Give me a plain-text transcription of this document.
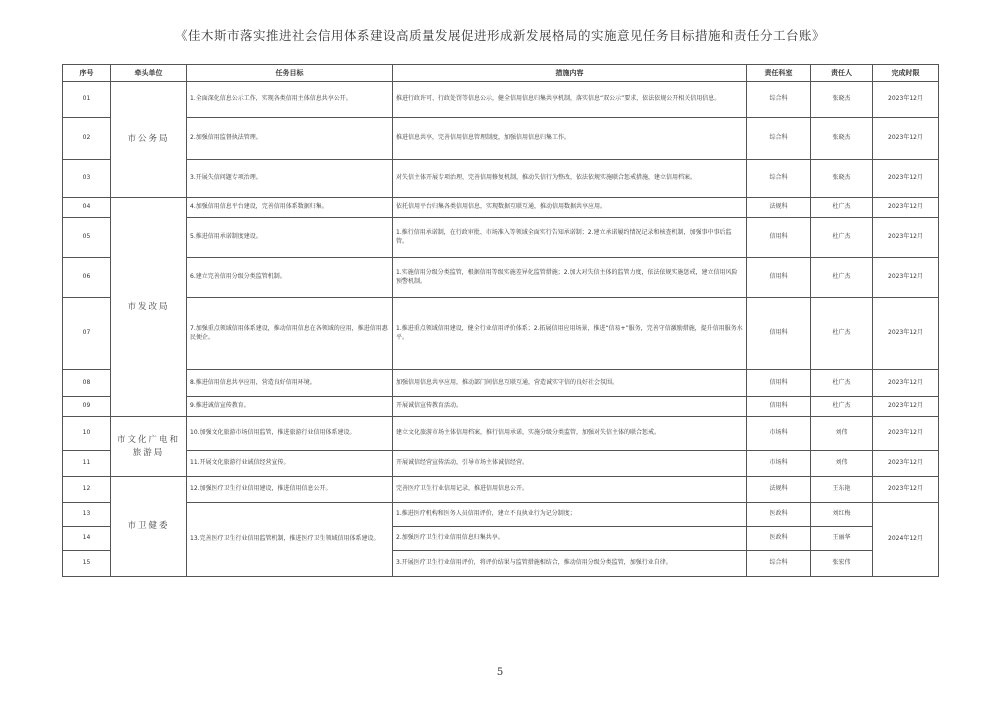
《佳木斯市落实推进社会信用体系建设高质量发展促进形成新发展格局的实施意见任务目标措施和责任分工台账》
序号	牵头单位	任务目标	措施内容	责任科室	责任人	完成时限
01	市公务局	1.全面深化信息公示工作，实现各类信用主体信息共享公开。	推进行政许可、行政处罚等信息公示，健全信用信息归集共享机制，落实信息“双公示”要求，依法依规公开相关信用信息。	综合科	张晓杰	2023年12月
02		2.加强信用监督执法管理。	推进信息共享，完善信用信息管理制度，加强信用信息归集工作。	综合科	张晓杰	2023年12月
03		3.开展失信问题专项治理。	对失信主体开展专项治理，完善信用修复机制，推动失信行为整改，依法依规实施联合惩戒措施，建立信用档案。	综合科	张晓杰	2023年12月
04	市发改局	4.加强信用信息平台建设，完善信用体系数据归集。	依托信用平台归集各类信用信息，实现数据互联互通，推动信用数据共享应用。	法规科	杜广杰	2023年12月
05		5.推进信用承诺制度建设。	1.推行信用承诺制，在行政审批、市场准入等领域全面实行告知承诺制；2.建立承诺履约情况记录和核查机制，加强事中事后监管。	信用科	杜广杰	2023年12月
06		6.建立完善信用分级分类监管机制。	1.实施信用分级分类监管，根据信用等级实施差异化监管措施；2.加大对失信主体的监管力度，依法依规实施惩戒，建立信用风险预警机制。	信用科	杜广杰	2023年12月
07		7.加强重点领域信用体系建设，推动信用信息在各领域的应用，推进信用惠民便企。	1.推进重点领域信用建设，健全行业信用评价体系；2.拓展信用应用场景，推进“信易+”服务，完善守信激励措施，提升信用服务水平。	信用科	杜广杰	2023年12月
08		8.推进信用信息共享应用，营造良好信用环境。	加强信用信息共享应用，推动部门间信息互联互通，营造诚实守信的良好社会氛围。	信用科	杜广杰	2023年12月
09		9.推进诚信宣传教育。	开展诚信宣传教育活动。	信用科	杜广杰	2023年12月
10	市文化广电和旅游局	10.加强文化旅游市场信用监管，推进旅游行业信用体系建设。	建立文化旅游市场主体信用档案，推行信用承诺，实施分级分类监管，加强对失信主体的联合惩戒。	市场科	刘伟	2023年12月
11		11.开展文化旅游行业诚信经营宣传。	开展诚信经营宣传活动，引导市场主体诚信经营。	市场科	刘伟	2023年12月
12	市卫健委	12.加强医疗卫生行业信用建设，推进信用信息公开。	完善医疗卫生行业信用记录，推进信用信息公开。	法规科	王东艳	2023年12月
13		13.完善医疗卫生行业信用监管机制，推进医疗卫生领域信用体系建设。	1.推进医疗机构和医务人员信用评价，建立不良执业行为记分制度；	医政科	刘红梅	2024年12月
14			2.加强医疗卫生行业信用信息归集共享。	医政科	王丽华	
15			3.开展医疗卫生行业信用评价，将评价结果与监管措施相结合，推动信用分级分类监管，加强行业自律。	综合科	张宏伟	
5
